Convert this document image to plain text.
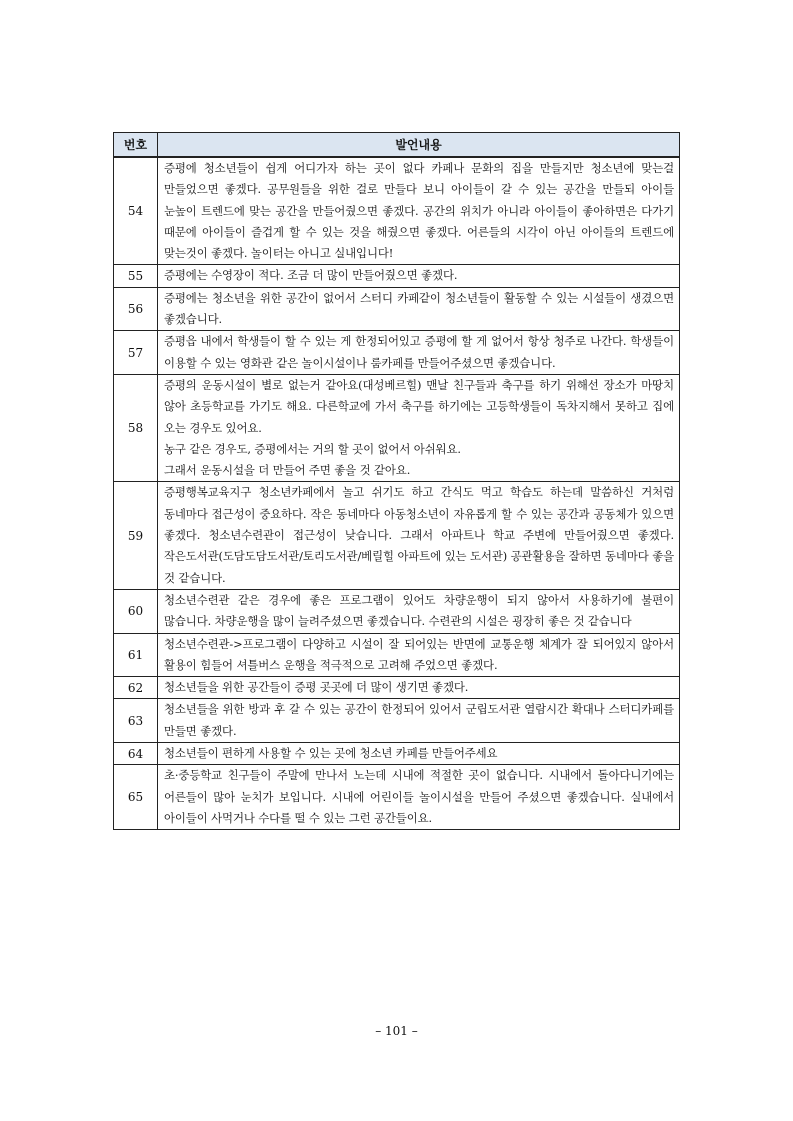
번호	발언내용
54	증평에 청소년들이 쉽게 어디가자 하는 곳이 없다 카페나 문화의 집을 만들지만 청소년에 맞는걸 만들었으면 좋겠다. 공무원들을 위한 걸로 만들다 보니 아이들이 갈 수 있는 공간을 만들되 아이들 눈높이 트렌드에 맞는 공간을 만들어줬으면 좋겠다. 공간의 위치가 아니라 아이들이 좋아하면은 다가기 때문에 아이들이 즐겁게 할 수 있는 것을 해줬으면 좋겠다. 어른들의 시각이 아닌 아이들의 트렌드에 맞는것이 좋겠다. 놀이터는 아니고 실내입니다!
55	증평에는 수영장이 적다. 조금 더 많이 만들어줬으면 좋겠다.
56	증평에는 청소년을 위한 공간이 없어서 스터디 카페같이 청소년들이 활동할 수 있는 시설들이 생겼으면 좋겠습니다.
57	증평읍 내에서 학생들이 할 수 있는 게 한정되어있고 증평에 할 게 없어서 항상 청주로 나간다. 학생들이 이용할 수 있는 영화관 같은 놀이시설이나 룸카페를 만들어주셨으면 좋겠습니다.
58	증평의 운동시설이 별로 없는거 같아요(대성베르힐) 맨날 친구들과 축구를 하기 위해선 장소가 마땅치 않아 초등학교를 가기도 해요. 다른학교에 가서 축구를 하기에는 고등학생들이 독차지해서 못하고 집에 오는 경우도 있어요.
농구 같은 경우도, 증평에서는 거의 할 곳이 없어서 아쉬워요.
그래서 운동시설을 더 만들어 주면 좋을 것 같아요.
59	증평행복교육지구 청소년카페에서 놀고 쉬기도 하고 간식도 먹고 학습도 하는데 말씀하신 거처럼 동네마다 접근성이 중요하다. 작은 동네마다 아동청소년이 자유롭게 할 수 있는 공간과 공동체가 있으면 좋겠다. 청소년수련관이 접근성이 낮습니다. 그래서 아파트나 학교 주변에 만들어줬으면 좋겠다. 작은도서관(도담도담도서관/토리도서관/베릴힐 아파트에 있는 도서관) 공관활용을 잘하면 동네마다 좋을 것 같습니다.
60	청소년수련관 같은 경우에 좋은 프로그램이 있어도 차량운행이 되지 않아서 사용하기에 불편이 많습니다. 차량운행을 많이 늘려주셨으면 좋겠습니다. 수련관의 시설은 굉장히 좋은 것 같습니다
61	청소년수련관->프로그램이 다양하고 시설이 잘 되어있는 반면에 교통운행 체계가 잘 되어있지 않아서 활용이 힘들어 셔틀버스 운행을 적극적으로 고려해 주었으면 좋겠다.
62	청소년들을 위한 공간들이 증평 곳곳에 더 많이 생기면 좋겠다.
63	청소년들을 위한 방과 후 갈 수 있는 공간이 한정되어 있어서 군립도서관 열람시간 확대나 스터디카페를 만들면 좋겠다.
64	청소년들이 편하게 사용할 수 있는 곳에 청소년 카페를 만들어주세요
65	초·중등학교 친구들이 주말에 만나서 노는데 시내에 적절한 곳이 없습니다. 시내에서 돌아다니기에는 어른들이 많아 눈치가 보입니다. 시내에 어린이들 놀이시설을 만들어 주셨으면 좋겠습니다. 실내에서 아이들이 사먹거나 수다를 떨 수 있는 그런 공간들이요.
– 101 –
